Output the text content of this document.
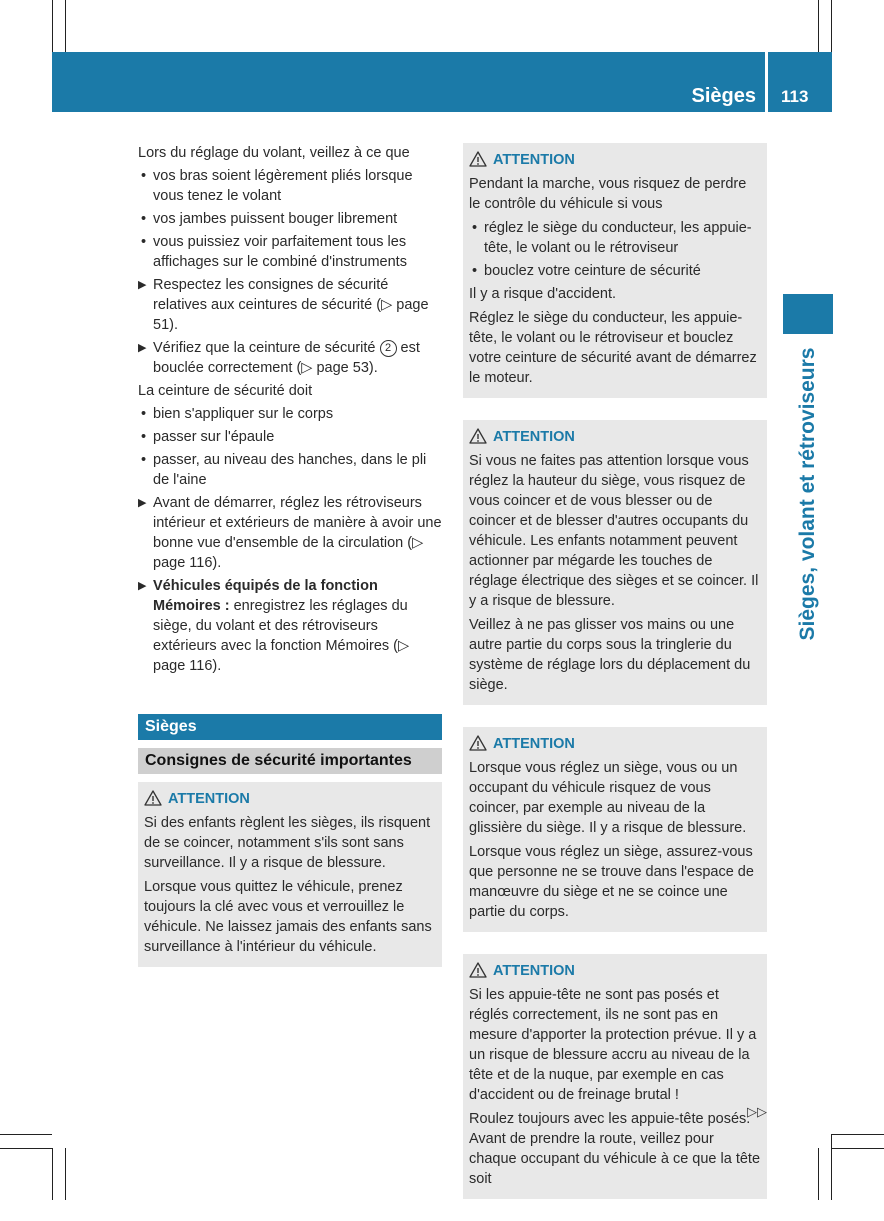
Sièges 113
Sièges, volant et rétroviseurs

Lors du réglage du volant, veillez à ce que

• vos bras soient légèrement pliés lorsque vous tenez le volant
• vos jambes puissent bouger librement
• vous puissiez voir parfaitement tous les affichages sur le combiné d'instruments
▶ Respectez les consignes de sécurité relatives aux ceintures de sécurité (▷ page 51).
▶ Vérifiez que la ceinture de sécurité 2 est bouclée correctement (▷ page 53).

La ceinture de sécurité doit

• bien s'appliquer sur le corps
• passer sur l'épaule
• passer, au niveau des hanches, dans le pli de l'aine
▶ Avant de démarrer, réglez les rétroviseurs intérieur et extérieurs de manière à avoir une bonne vue d'ensemble de la circulation (▷ page 116).
▶ Véhicules équipés de la fonction Mémoires : enregistrez les réglages du siège, du volant et des rétroviseurs extérieurs avec la fonction Mémoires (▷ page 116).
Sièges
Consignes de sécurité importantes
ATTENTION

Si des enfants règlent les sièges, ils risquent de se coincer, notamment s'ils sont sans surveillance. Il y a risque de blessure.

Lorsque vous quittez le véhicule, prenez toujours la clé avec vous et verrouillez le véhicule. Ne laissez jamais des enfants sans surveillance à l'intérieur du véhicule.

ATTENTION

Pendant la marche, vous risquez de perdre le contrôle du véhicule si vous

• réglez le siège du conducteur, les appuie-tête, le volant ou le rétroviseur
• bouclez votre ceinture de sécurité

Il y a risque d'accident.

Réglez le siège du conducteur, les appuie-tête, le volant ou le rétroviseur et bouclez votre ceinture de sécurité avant de démarrez le moteur.

ATTENTION

Si vous ne faites pas attention lorsque vous réglez la hauteur du siège, vous risquez de vous coincer et de vous blesser ou de coincer et de blesser d'autres occupants du véhicule. Les enfants notamment peuvent actionner par mégarde les touches de réglage électrique des sièges et se coincer. Il y a risque de blessure.

Veillez à ne pas glisser vos mains ou une autre partie du corps sous la tringlerie du système de réglage lors du déplacement du siège.

ATTENTION

Lorsque vous réglez un siège, vous ou un occupant du véhicule risquez de vous coincer, par exemple au niveau de la glissière du siège. Il y a risque de blessure.

Lorsque vous réglez un siège, assurez-vous que personne ne se trouve dans l'espace de manœuvre du siège et ne se coince une partie du corps.

ATTENTION

Si les appuie-tête ne sont pas posés et réglés correctement, ils ne sont pas en mesure d'apporter la protection prévue. Il y a un risque de blessure accru au niveau de la tête et de la nuque, par exemple en cas d'accident ou de freinage brutal !

Roulez toujours avec les appuie-tête posés. Avant de prendre la route, veillez pour chaque occupant du véhicule à ce que la tête soit

▷▷
